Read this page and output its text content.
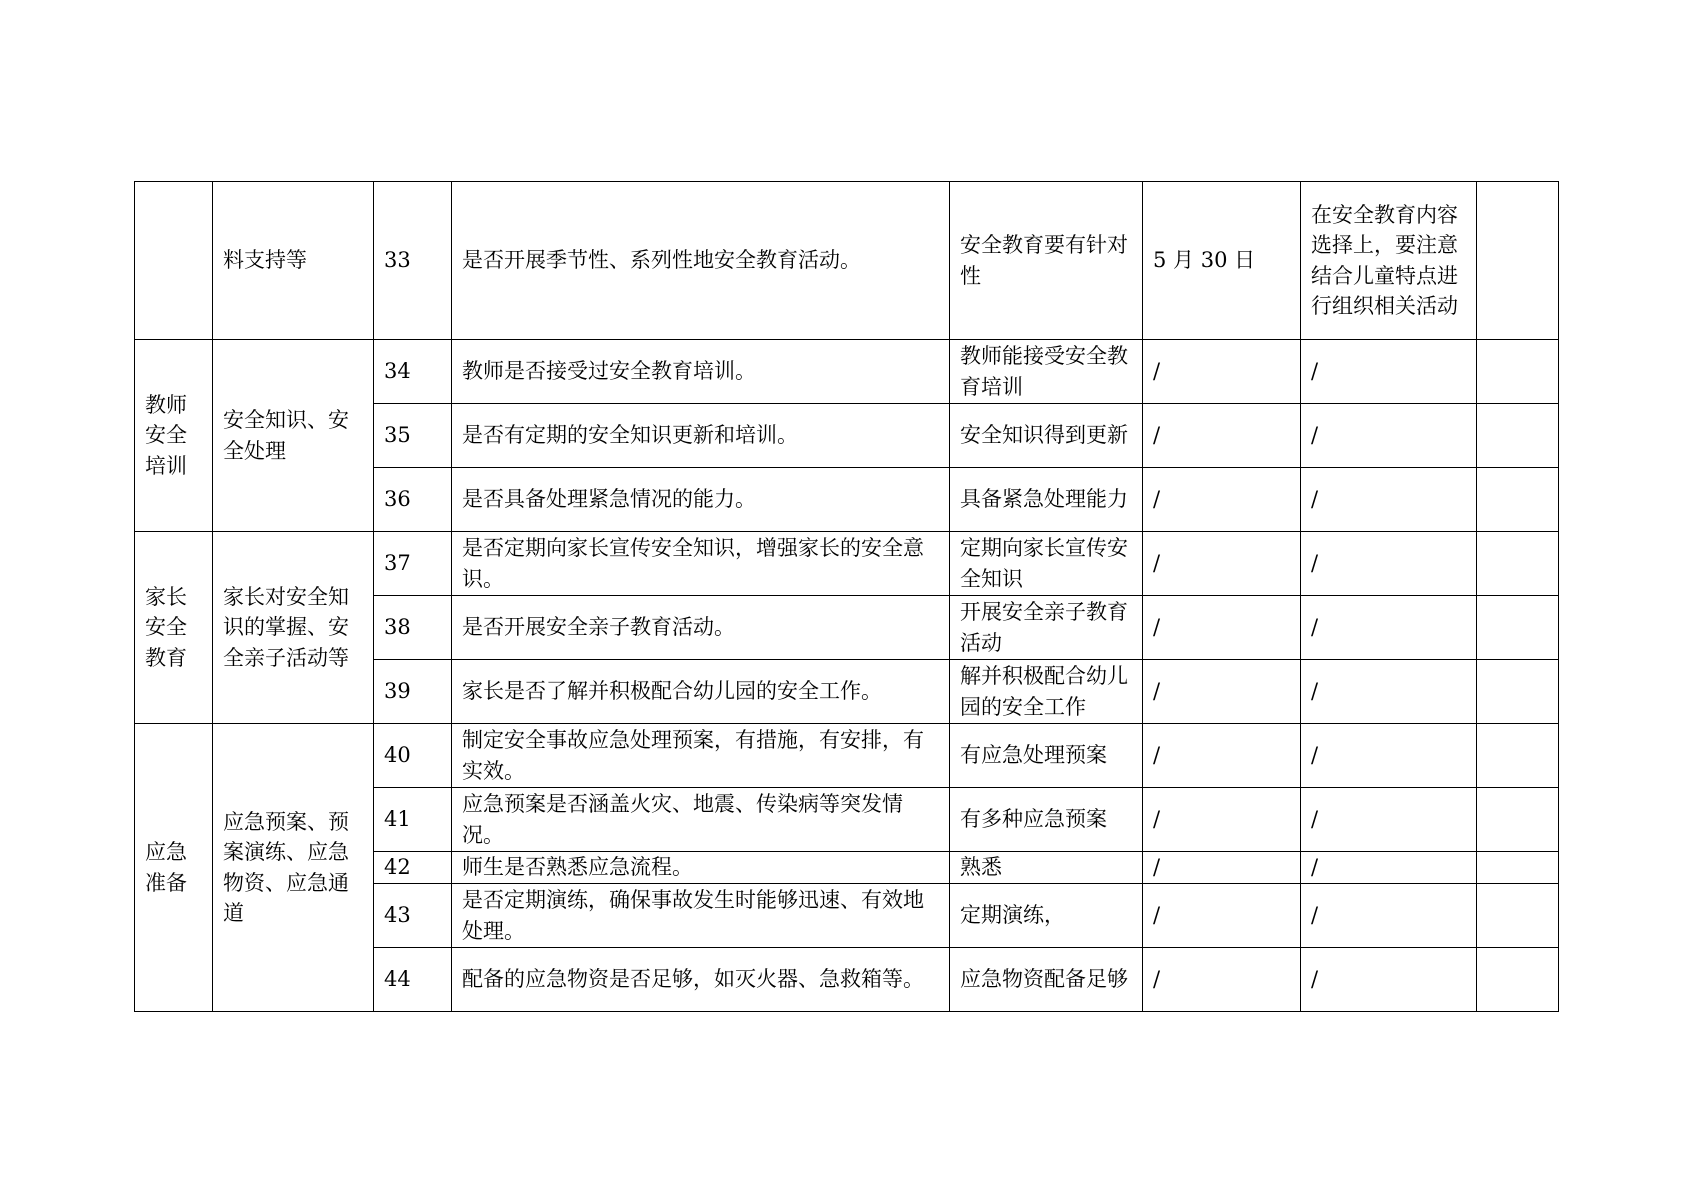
	料支持等	33	是否开展季节性、系列性地安全教育活动。	安全教育要有针对性	5 月 30 日	在安全教育内容选择上，要注意结合儿童特点进行组织相关活动	
教师安全培训	安全知识、安全处理	34	教师是否接受过安全教育培训。	教师能接受安全教育培训	/	/	
		35	是否有定期的安全知识更新和培训。	安全知识得到更新	/	/	
		36	是否具备处理紧急情况的能力。	具备紧急处理能力	/	/	
家长安全教育	家长对安全知识的掌握、安全亲子活动等	37	是否定期向家长宣传安全知识，增强家长的安全意识。	定期向家长宣传安全知识	/	/	
		38	是否开展安全亲子教育活动。	开展安全亲子教育活动	/	/	
		39	家长是否了解并积极配合幼儿园的安全工作。	解并积极配合幼儿园的安全工作	/	/	
应急准备	应急预案、预案演练、应急物资、应急通道	40	制定安全事故应急处理预案，有措施，有安排，有实效。	有应急处理预案	/	/	
		41	应急预案是否涵盖火灾、地震、传染病等突发情况。	有多种应急预案	/	/	
		42	师生是否熟悉应急流程。	熟悉	/	/	
		43	是否定期演练，确保事故发生时能够迅速、有效地处理。	定期演练，	/	/	
		44	配备的应急物资是否足够，如灭火器、急救箱等。	应急物资配备足够	/	/	
